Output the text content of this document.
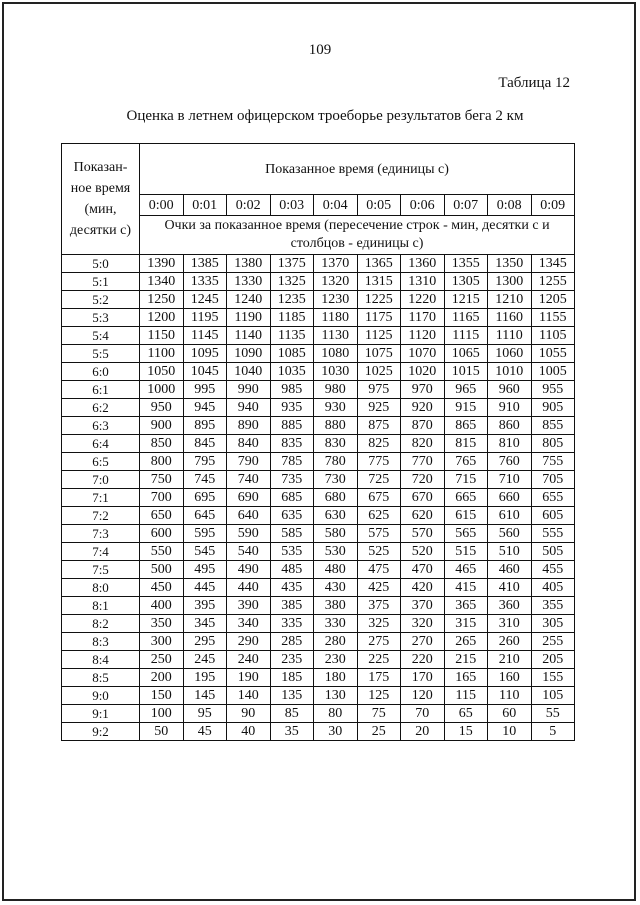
109
Таблица 12
Оценка в летнем офицерском троеборье результатов бега 2 км
Показан-
ное время
(мин,
десятки с)	Показанное время (единицы с)									
	0:00	0:01	0:02	0:03	0:04	0:05	0:06	0:07	0:08	0:09
	Очки за показанное время (пересечение строк - мин, десятки с и столбцов - единицы с)									
5:0	1390	1385	1380	1375	1370	1365	1360	1355	1350	1345
5:1	1340	1335	1330	1325	1320	1315	1310	1305	1300	1255
5:2	1250	1245	1240	1235	1230	1225	1220	1215	1210	1205
5:3	1200	1195	1190	1185	1180	1175	1170	1165	1160	1155
5:4	1150	1145	1140	1135	1130	1125	1120	1115	1110	1105
5:5	1100	1095	1090	1085	1080	1075	1070	1065	1060	1055
6:0	1050	1045	1040	1035	1030	1025	1020	1015	1010	1005
6:1	1000	995	990	985	980	975	970	965	960	955
6:2	950	945	940	935	930	925	920	915	910	905
6:3	900	895	890	885	880	875	870	865	860	855
6:4	850	845	840	835	830	825	820	815	810	805
6:5	800	795	790	785	780	775	770	765	760	755
7:0	750	745	740	735	730	725	720	715	710	705
7:1	700	695	690	685	680	675	670	665	660	655
7:2	650	645	640	635	630	625	620	615	610	605
7:3	600	595	590	585	580	575	570	565	560	555
7:4	550	545	540	535	530	525	520	515	510	505
7:5	500	495	490	485	480	475	470	465	460	455
8:0	450	445	440	435	430	425	420	415	410	405
8:1	400	395	390	385	380	375	370	365	360	355
8:2	350	345	340	335	330	325	320	315	310	305
8:3	300	295	290	285	280	275	270	265	260	255
8:4	250	245	240	235	230	225	220	215	210	205
8:5	200	195	190	185	180	175	170	165	160	155
9:0	150	145	140	135	130	125	120	115	110	105
9:1	100	95	90	85	80	75	70	65	60	55
9:2	50	45	40	35	30	25	20	15	10	5
